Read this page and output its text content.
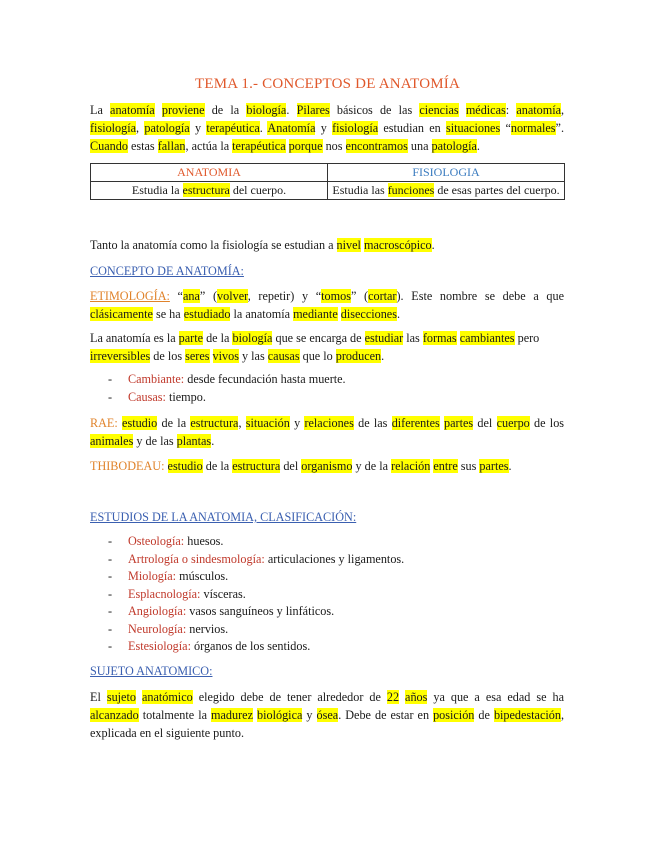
TEMA 1.- CONCEPTOS DE ANATOMÍA
La anatomía proviene de la biología. Pilares básicos de las ciencias médicas: anatomía, fisiología, patología y terapéutica. Anatomía y fisiología estudian en situaciones “normales”. Cuando estas fallan, actúa la terapéutica porque nos encontramos una patología.
ANATOMIA	FISIOLOGIA
Estudia la estructura del cuerpo.	Estudia las funciones de esas partes del cuerpo.
Tanto la anatomía como la fisiología se estudian a nivel macroscópico.
CONCEPTO DE ANATOMÍA:
ETIMOLOGÍA: “ana” (volver, repetir) y “tomos” (cortar). Este nombre se debe a que clásicamente se ha estudiado la anatomía mediante disecciones.
La anatomía es la parte de la biología que se encarga de estudiar las formas cambiantes pero irreversibles de los seres vivos y las causas que lo producen.
- Cambiante: desde fecundación hasta muerte.
- Causas: tiempo.
RAE: estudio de la estructura, situación y relaciones de las diferentes partes del cuerpo de los animales y de las plantas.
THIBODEAU: estudio de la estructura del organismo y de la relación entre sus partes.
ESTUDIOS DE LA ANATOMIA, CLASIFICACIÓN:
- Osteología: huesos.
- Artrología o sindesmología: articulaciones y ligamentos.
- Miología: músculos.
- Esplacnología: vísceras.
- Angiología: vasos sanguíneos y linfáticos.
- Neurología: nervios.
- Estesiología: órganos de los sentidos.
SUJETO ANATOMICO:
El sujeto anatómico elegido debe de tener alrededor de 22 años ya que a esa edad se ha alcanzado totalmente la madurez biológica y ósea. Debe de estar en posición de bipedestación, explicada en el siguiente punto.
